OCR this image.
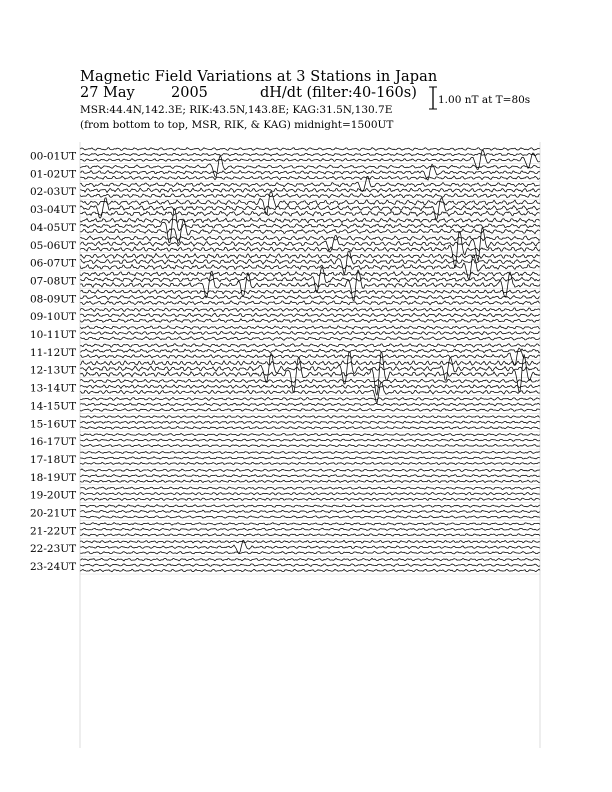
00-01UT
01-02UT
02-03UT
03-04UT
04-05UT
05-06UT
06-07UT
07-08UT
08-09UT
09-10UT
10-11UT
11-12UT
12-13UT
13-14UT
14-15UT
15-16UT
16-17UT
17-18UT
18-19UT
19-20UT
20-21UT
21-22UT
22-23UT
23-24UT
Magnetic Field Variations at 3 Stations in Japan
27 May	2005	dH/dt (filter:40-160s)
MSR:44.4N,142.3E; RIK:43.5N,143.8E; KAG:31.5N,130.7E
(from bottom to top, MSR, RIK, & KAG) midnight=1500UT
1.00 nT at T=80s
